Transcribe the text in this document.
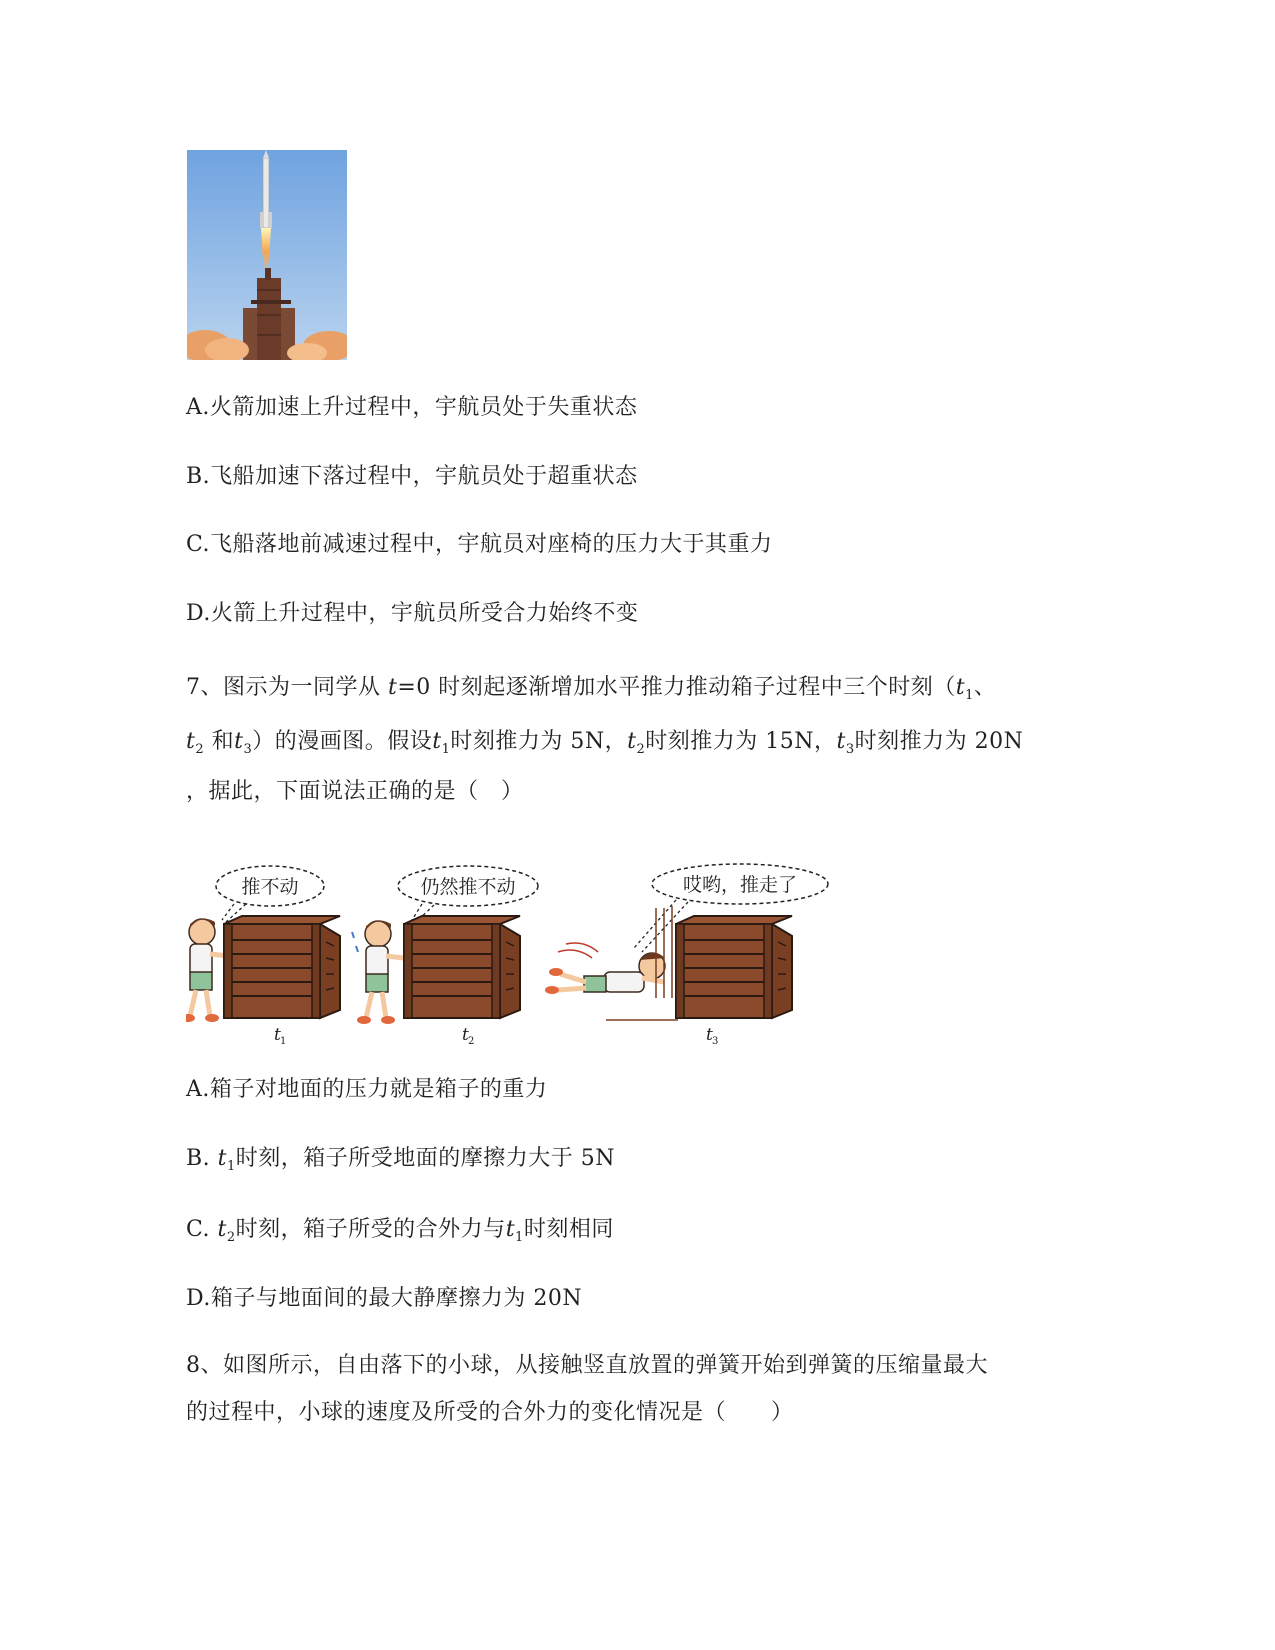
A.火箭加速上升过程中，宇航员处于失重状态
B.飞船加速下落过程中，宇航员处于超重状态
C.飞船落地前减速过程中，宇航员对座椅的压力大于其重力
D.火箭上升过程中，宇航员所受合力始终不变
7、图示为一同学从 t=0 时刻起逐渐增加水平推力推动箱子过程中三个时刻（$t_1$、
$t_2$ 和$t_3$）的漫画图。假设$t_1$时刻推力为 5N，$t_2$时刻推力为 15N，$t_3$时刻推力为 20N
，据此，下面说法正确的是（　）
推不动
t 1
仍然推不动
t 2
哎哟，推走了
t 3
A.箱子对地面的压力就是箱子的重力
B. $t_1$时刻，箱子所受地面的摩擦力大于 5N
C. $t_2$时刻，箱子所受的合外力与$t_1$时刻相同
D.箱子与地面间的最大静摩擦力为 20N
8、如图所示，自由落下的小球，从接触竖直放置的弹簧开始到弹簧的压缩量最大
的过程中，小球的速度及所受的合外力的变化情况是（　　）
